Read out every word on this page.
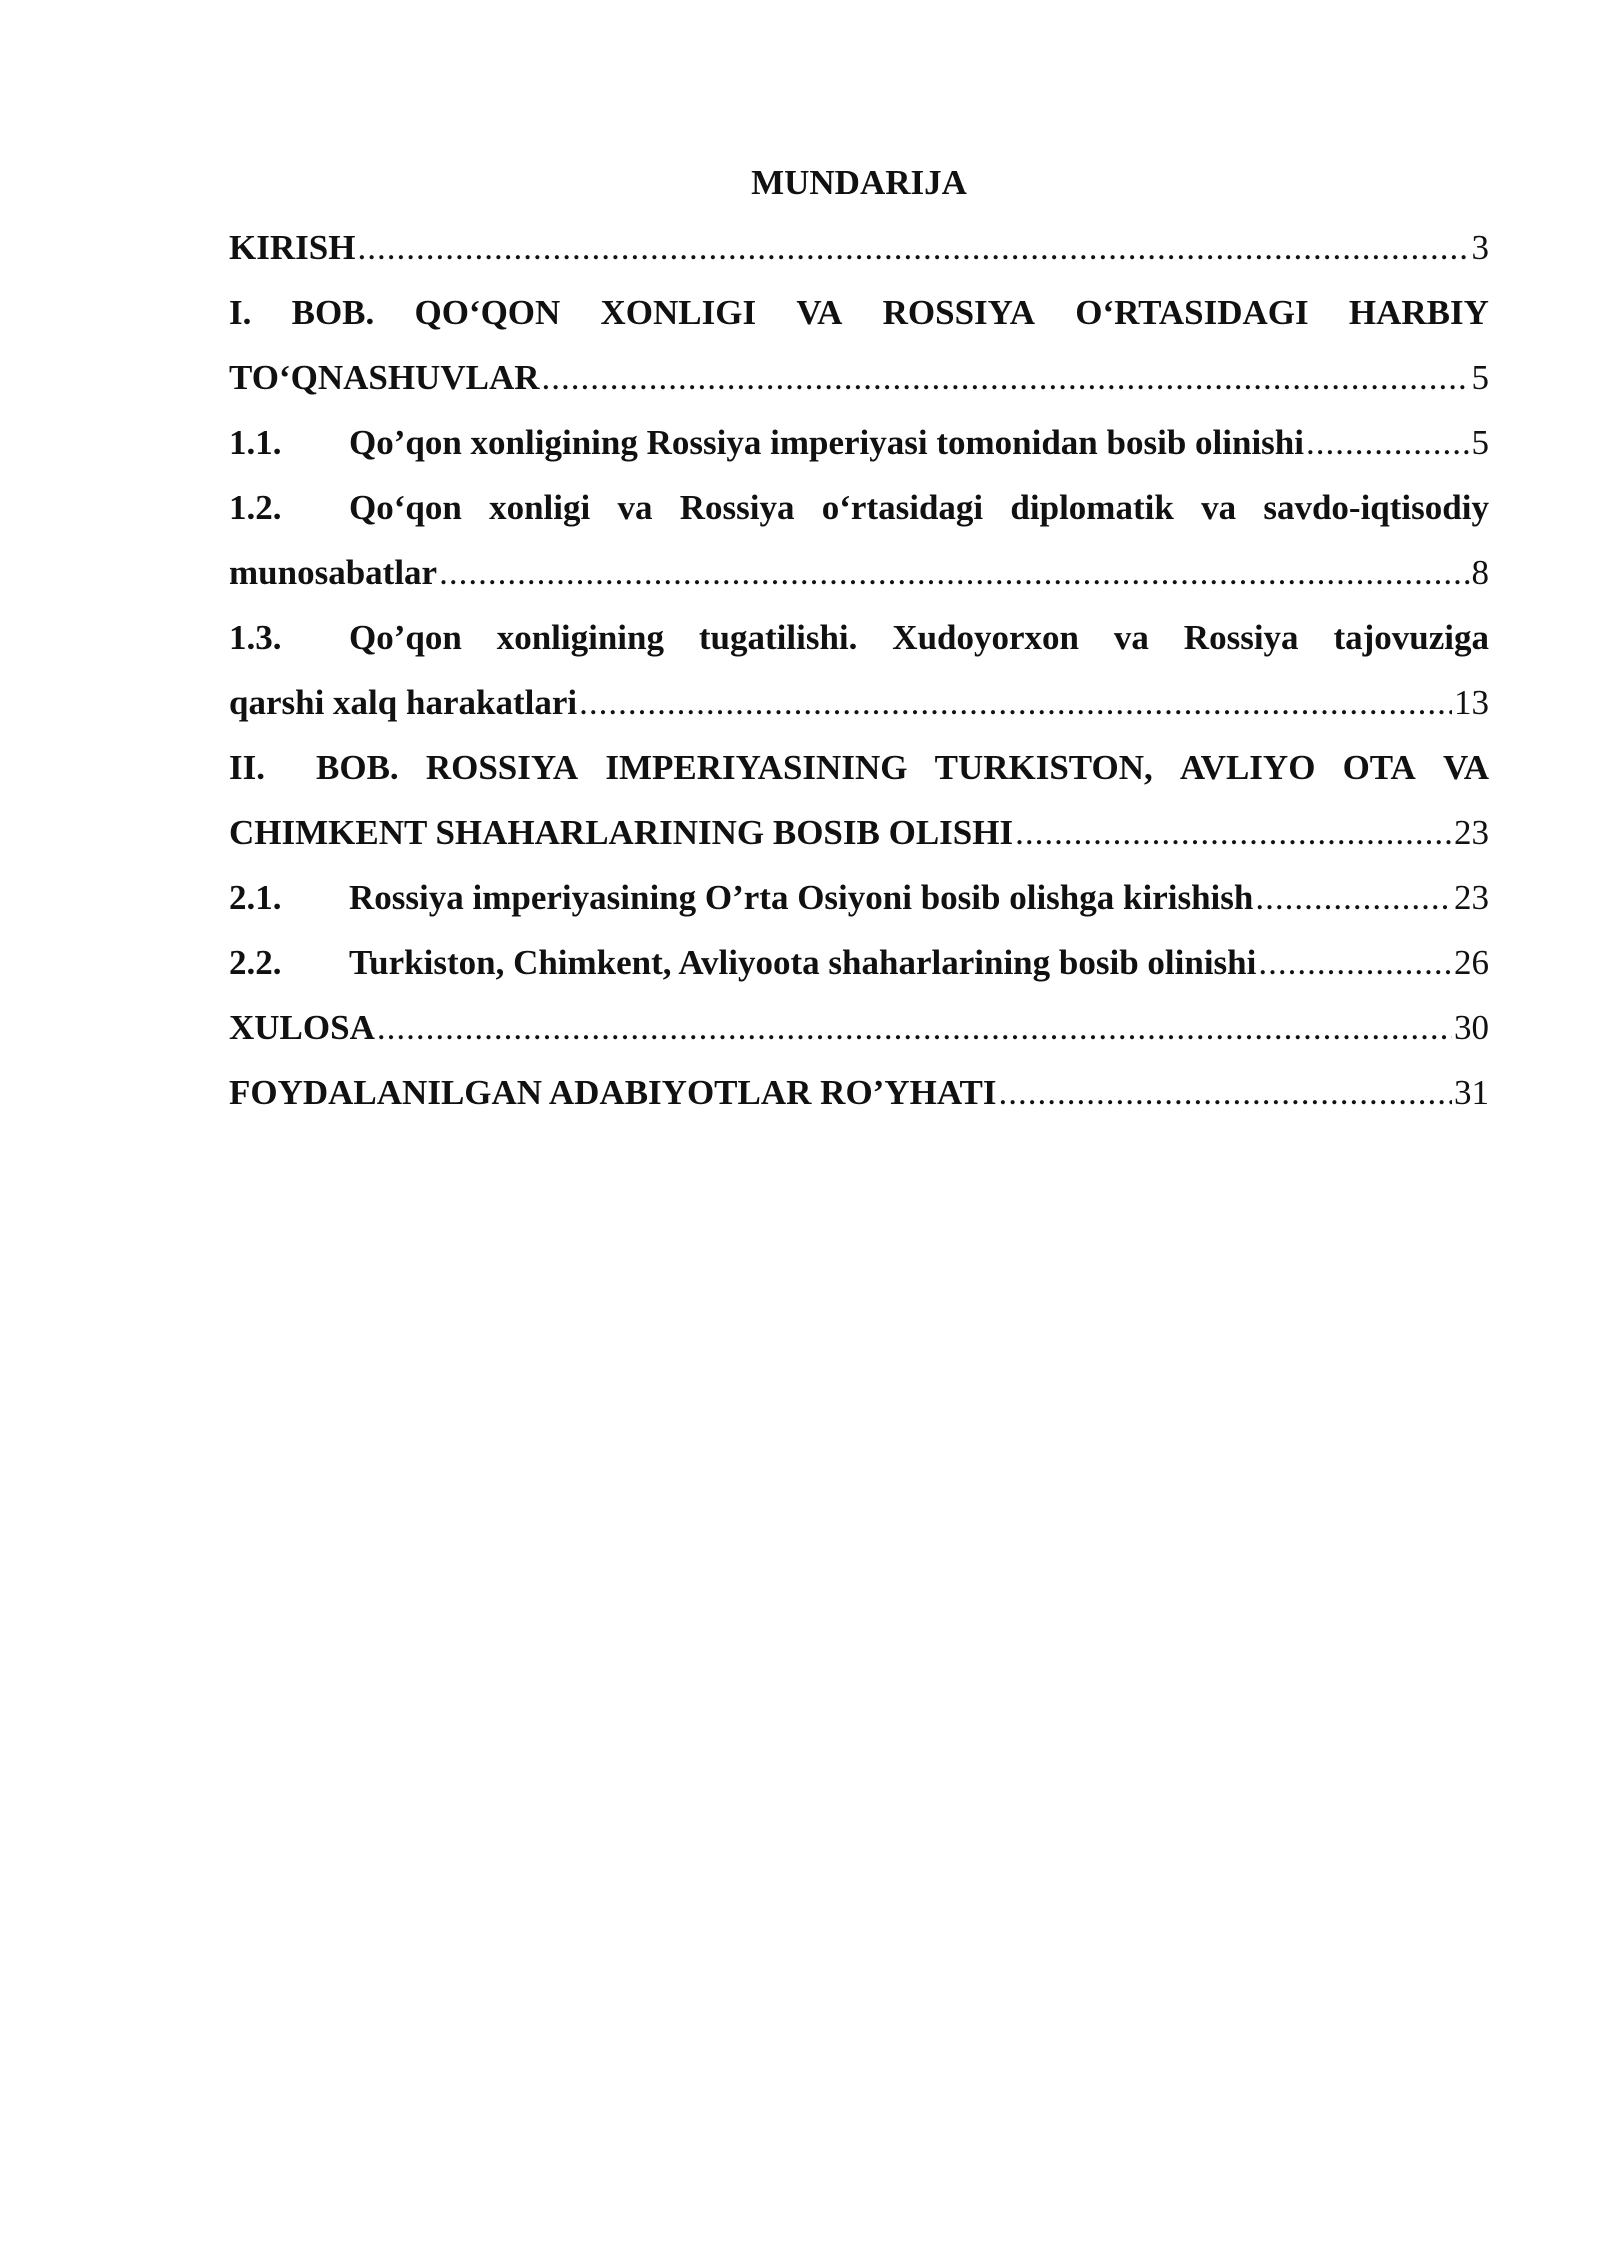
MUNDARIJA
KIRISH .....	3
I. BOB. QO‘QON XONLIGI VA ROSSIYA O‘RTASIDAGI HARBIY
TO‘QNASHUVLAR .....	5
1.1.	Qo’qon xonligining Rossiya imperiyasi tomonidan bosib olinishi .....	5
1.2.	Qo‘qon xonligi va Rossiya o‘rtasidagi diplomatik va savdo-iqtisodiy
munosabatlar .....	8
1.3.	Qo’qon xonligining tugatilishi. Xudoyorxon va Rossiya tajovuziga
qarshi xalq harakatlari .....	13
II.	BOB. ROSSIYA IMPERIYASINING TURKISTON, AVLIYO OTA VA
CHIMKENT SHAHARLARINING BOSIB OLISHI .....	23
2.1.	Rossiya imperiyasining O’rta Osiyoni bosib olishga kirishish .....	23
2.2.	Turkiston, Chimkent, Avliyoota shaharlarining bosib olinishi .....	26
XULOSA .....	30
FOYDALANILGAN ADABIYOTLAR RO’YHATI .....	31
